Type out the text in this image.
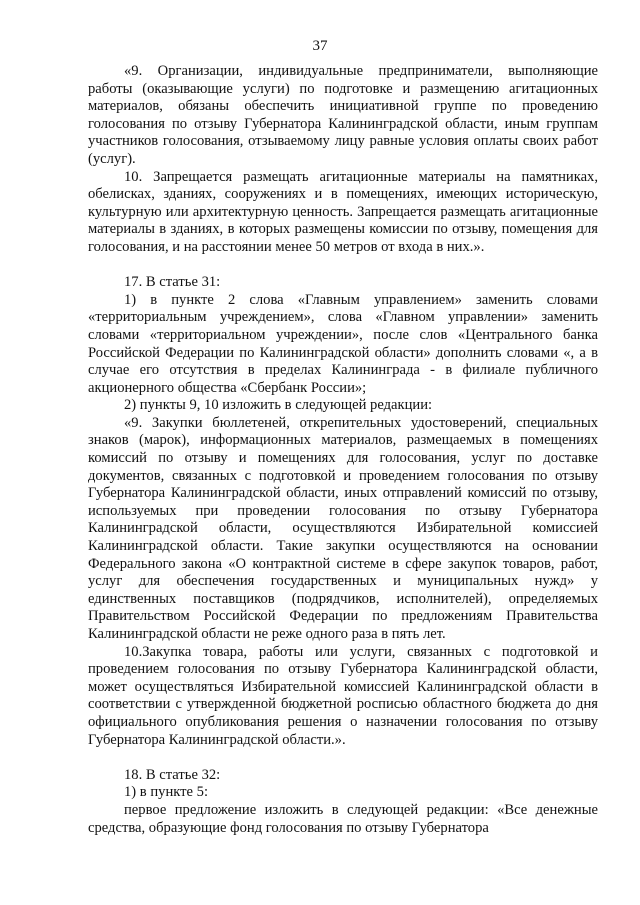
37

«9. Организации, индивидуальные предприниматели, выполняющие работы (оказывающие услуги) по подготовке и размещению агитационных материалов, обязаны обеспечить инициативной группе по проведению голосования по отзыву Губернатора Калининградской области, иным группам участников голосования, отзываемому лицу равные условия оплаты своих работ (услуг).

10. Запрещается размещать агитационные материалы на памятниках, обелисках, зданиях, сооружениях и в помещениях, имеющих историческую, культурную или архитектурную ценность. Запрещается размещать агитационные материалы в зданиях, в которых размещены комиссии по отзыву, помещения для голосования, и на расстоянии менее 50 метров от входа в них.».

17. В статье 31:

1) в пункте 2 слова «Главным управлением» заменить словами «территориальным учреждением», слова «Главном управлении» заменить словами «территориальном учреждении», после слов «Центрального банка Российской Федерации по Калининградской области» дополнить словами «, а в случае его отсутствия в пределах Калининграда - в филиале публичного акционерного общества «Сбербанк России»;

2) пункты 9, 10 изложить в следующей редакции:

«9. Закупки бюллетеней, открепительных удостоверений, специальных знаков (марок), информационных материалов, размещаемых в помещениях комиссий по отзыву и помещениях для голосования, услуг по доставке документов, связанных с подготовкой и проведением голосования по отзыву Губернатора Калининградской области, иных отправлений комиссий по отзыву, используемых при проведении голосования по отзыву Губернатора Калининградской области, осуществляются Избирательной комиссией Калининградской области. Такие закупки осуществляются на основании Федерального закона «О контрактной системе в сфере закупок товаров, работ, услуг для обеспечения государственных и муниципальных нужд» у единственных поставщиков (подрядчиков, исполнителей), определяемых Правительством Российской Федерации по предложениям Правительства Калининградской области не реже одного раза в пять лет.

10.Закупка товара, работы или услуги, связанных с подготовкой и проведением голосования по отзыву Губернатора Калининградской области, может осуществляться Избирательной комиссией Калининградской области в соответствии с утвержденной бюджетной росписью областного бюджета до дня официального опубликования решения о назначении голосования по отзыву Губернатора Калининградской области.».

18. В статье 32:

1) в пункте 5:

первое предложение изложить в следующей редакции: «Все денежные средства, образующие фонд голосования по отзыву Губернатора
